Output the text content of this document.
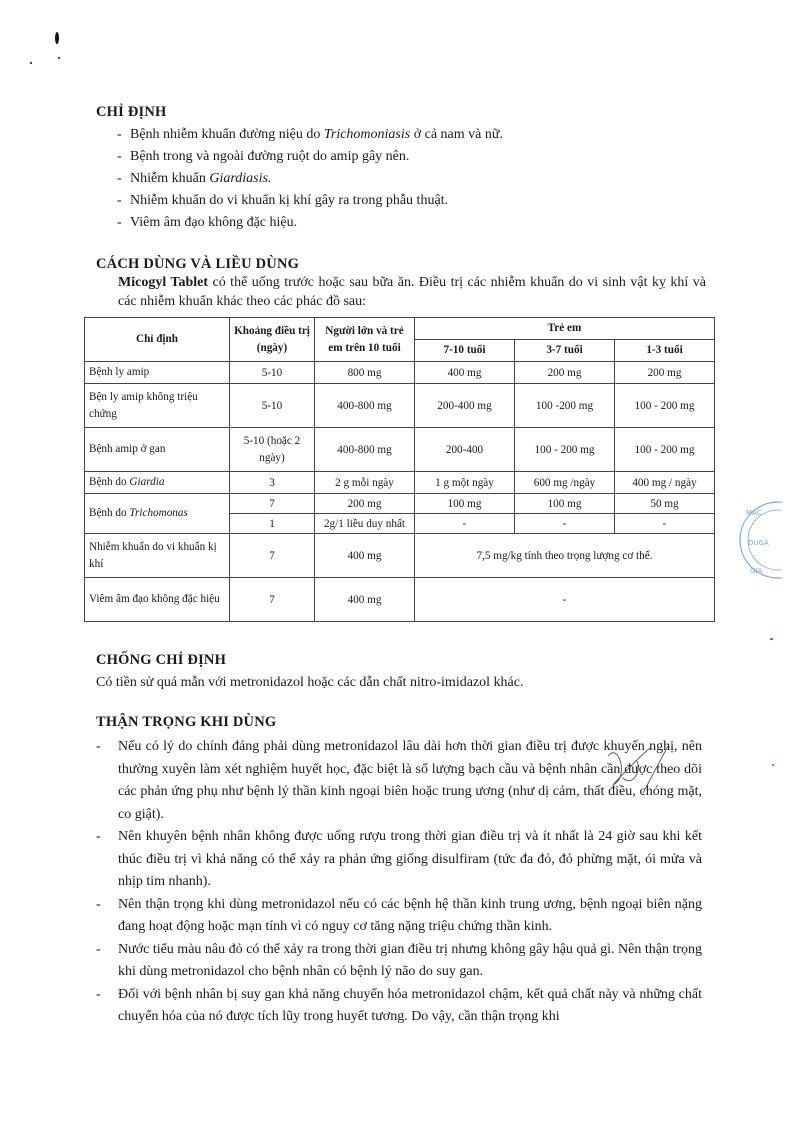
CHỈ ĐỊNH
- Bệnh nhiễm khuẩn đường niệu do Trichomoniasis ở cả nam và nữ.
- Bệnh trong và ngoài đường ruột do amip gây nên.
- Nhiễm khuẩn Giardiasis.
- Nhiễm khuẩn do vi khuẩn kị khí gây ra trong phẫu thuật.
- Viêm âm đạo không đặc hiệu.
CÁCH DÙNG VÀ LIỀU DÙNG
Micogyl Tablet có thể uống trước hoặc sau bữa ăn. Điều trị các nhiễm khuẩn do vi sinh vật kỵ khí và các nhiễm khuẩn khác theo các phác đồ sau:
Chỉ định	Khoảng điều trị (ngày)	Người lớn và trẻ em trên 10 tuổi	Trẻ em		
			7-10 tuổi	3-7 tuổi	1-3 tuổi
Bệnh ly amip	5-10	800 mg	400 mg	200 mg	200 mg
Bện ly amip không triệu chứng	5-10	400-800 mg	200-400 mg	100 -200 mg	100 - 200 mg
Bệnh amip ở gan	5-10 (hoặc 2 ngày)	400-800 mg	200-400	100 - 200 mg	100 - 200 mg
Bệnh do Giardia	3	2 g mỗi ngày	1 g một ngày	600 mg /ngày	400 mg / ngày
Bệnh do Trichomonas	7	200 mg	100 mg	100 mg	50 mg
	1	2g/1 liều duy nhất	-	-	-
Nhiễm khuẩn do vi khuẩn kị khí	7	400 mg	7,5 mg/kg tính theo trọng lượng cơ thể.		
Viêm âm đạo không đặc hiệu	7	400 mg	-		
CHỐNG CHỈ ĐỊNH
Có tiền sử quá mẫn với metronidazol hoặc các dẫn chất nitro-imidazol khác.
THẬN TRỌNG KHI DÙNG
- Nếu có lý do chính đáng phải dùng metronidazol lâu dài hơn thời gian điều trị được khuyến nghị, nên thường xuyên làm xét nghiệm huyết học, đặc biệt là số lượng bạch cầu và bệnh nhân cần được theo dõi các phản ứng phụ như bệnh lý thần kinh ngoại biên hoặc trung ương (như dị cảm, thất điều, chóng mặt, co giật).
- Nên khuyên bệnh nhân không được uống rượu trong thời gian điều trị và ít nhất là 24 giờ sau khi kết thúc điều trị vì khả năng có thể xảy ra phản ứng giống disulfiram (tức đa đỏ, đỏ phừng mặt, ói mửa và nhịp tim nhanh).
- Nên thận trọng khi dùng metronidazol nếu có các bệnh hệ thần kinh trung ương, bệnh ngoại biên nặng đang hoạt động hoặc mạn tính vì có nguy cơ tăng nặng triệu chứng thần kinh.
- Nước tiểu màu nâu đỏ có thể xảy ra trong thời gian điều trị nhưng không gây hậu quả gì. Nên thận trọng khi dùng metronidazol cho bệnh nhân có bệnh lý não do suy gan.
- Đối với bệnh nhân bị suy gan khả năng chuyển hóa metronidazol chậm, kết quả chất này và những chất chuyển hóa của nó được tích lũy trong huyết tương. Do vậy, cần thận trọng khi
MAC
DUGA
GIA
